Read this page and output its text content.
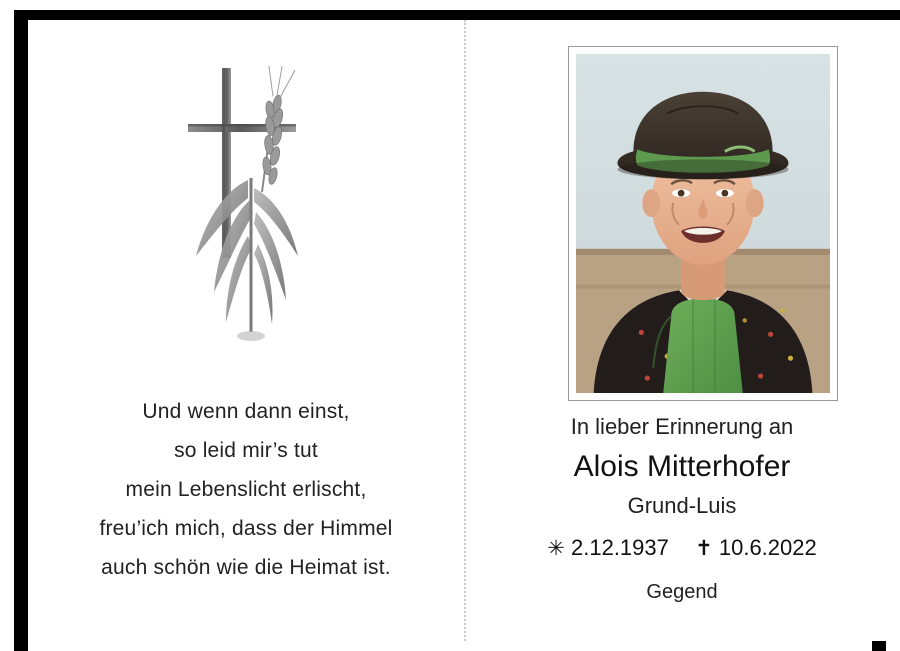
Und wenn dann einst,
so leid mir’s tut
mein Lebenslicht erlischt,
freu’ich mich, dass der Himmel
auch schön wie die Heimat ist.
In lieber Erinnerung an
Alois Mitterhofer
Grund-Luis
✳ 2.12.1937 ✝ 10.6.2022
Gegend
